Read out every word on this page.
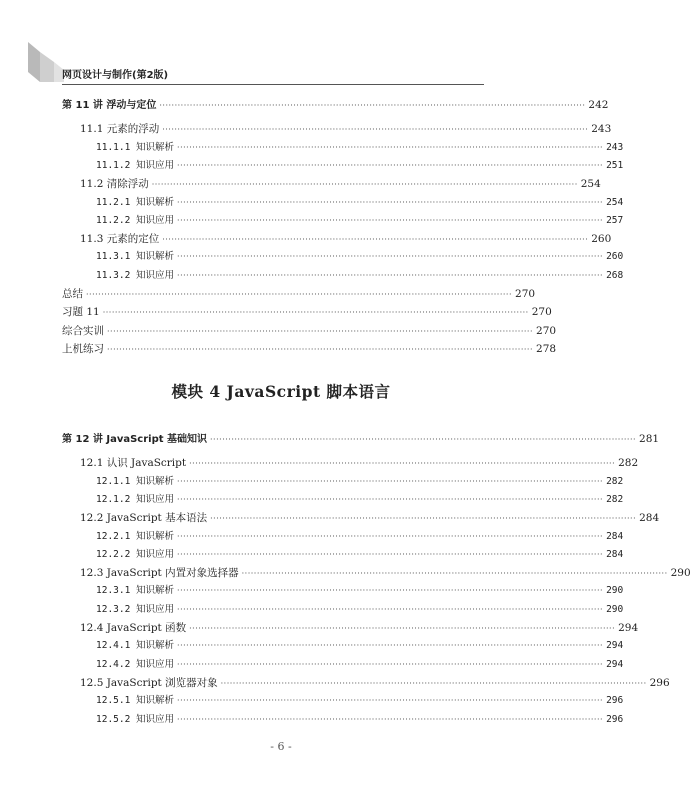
网页设计与制作(第2版)
第 11 讲 浮动与定位 ············································································································································ 242
11.1 元素的浮动 ············································································································································ 243
11.1.1 知识解析 ············································································································································ 243
11.1.2 知识应用 ············································································································································ 251
11.2 清除浮动 ············································································································································ 254
11.2.1 知识解析 ············································································································································ 254
11.2.2 知识应用 ············································································································································ 257
11.3 元素的定位 ············································································································································ 260
11.3.1 知识解析 ············································································································································ 260
11.3.2 知识应用 ············································································································································ 268
总结 ············································································································································ 270
习题 11 ············································································································································ 270
综合实训 ············································································································································ 270
上机练习 ············································································································································ 278
模块 4 JavaScript 脚本语言
第 12 讲 JavaScript 基础知识 ············································································································································ 281
12.1 认识 JavaScript ············································································································································ 282
12.1.1 知识解析 ············································································································································ 282
12.1.2 知识应用 ············································································································································ 282
12.2 JavaScript 基本语法 ············································································································································ 284
12.2.1 知识解析 ············································································································································ 284
12.2.2 知识应用 ············································································································································ 284
12.3 JavaScript 内置对象选择器 ············································································································································ 290
12.3.1 知识解析 ············································································································································ 290
12.3.2 知识应用 ············································································································································ 290
12.4 JavaScript 函数 ············································································································································ 294
12.4.1 知识解析 ············································································································································ 294
12.4.2 知识应用 ············································································································································ 294
12.5 JavaScript 浏览器对象 ············································································································································ 296
12.5.1 知识解析 ············································································································································ 296
12.5.2 知识应用 ············································································································································ 296
- 6 -
